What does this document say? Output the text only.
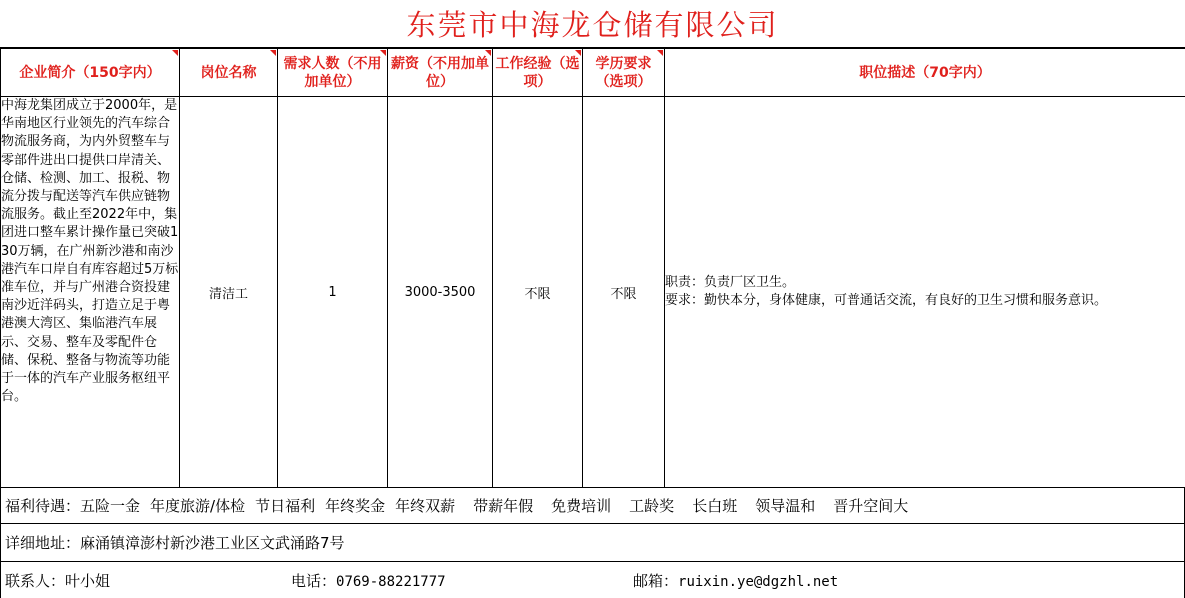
东莞市中海龙仓储有限公司
企业简介（150字内）	岗位名称	需求人数（不用加单位）	薪资（不用加单位）	工作经验（选项）	学历要求（选项）	职位描述（70字内）
中海龙集团成立于2000年，是华南地区行业领先的汽车综合物流服务商，为内外贸整车与零部件进出口提供口岸清关、仓储、检测、加工、报税、物流分拨与配送等汽车供应链物流服务。截止至2022年中，集团进口整车累计操作量已突破130万辆，在广州新沙港和南沙港汽车口岸自有库容超过5万标准车位，并与广州港合资投建南沙近洋码头，打造立足于粤港澳大湾区、集临港汽车展示、交易、整车及零配件仓储、保税、整备与物流等功能于一体的汽车产业服务枢纽平台。	清洁工	1	3000-3500	不限	不限	职责：负责厂区卫生。
要求：勤快本分，身体健康，可普通话交流，有良好的卫生习惯和服务意识。
福利待遇： 五险一金 年度旅游/体检 节日福利 年终奖金 年终双薪 带薪年假 免费培训 工龄奖 长白班 领导温和 晋升空间大
详细地址： 麻涌镇漳澎村新沙港工业区文武涌路7号
联系人：叶小姐	电话：0769-88221777	邮箱：ruixin.ye@dgzhl.net
